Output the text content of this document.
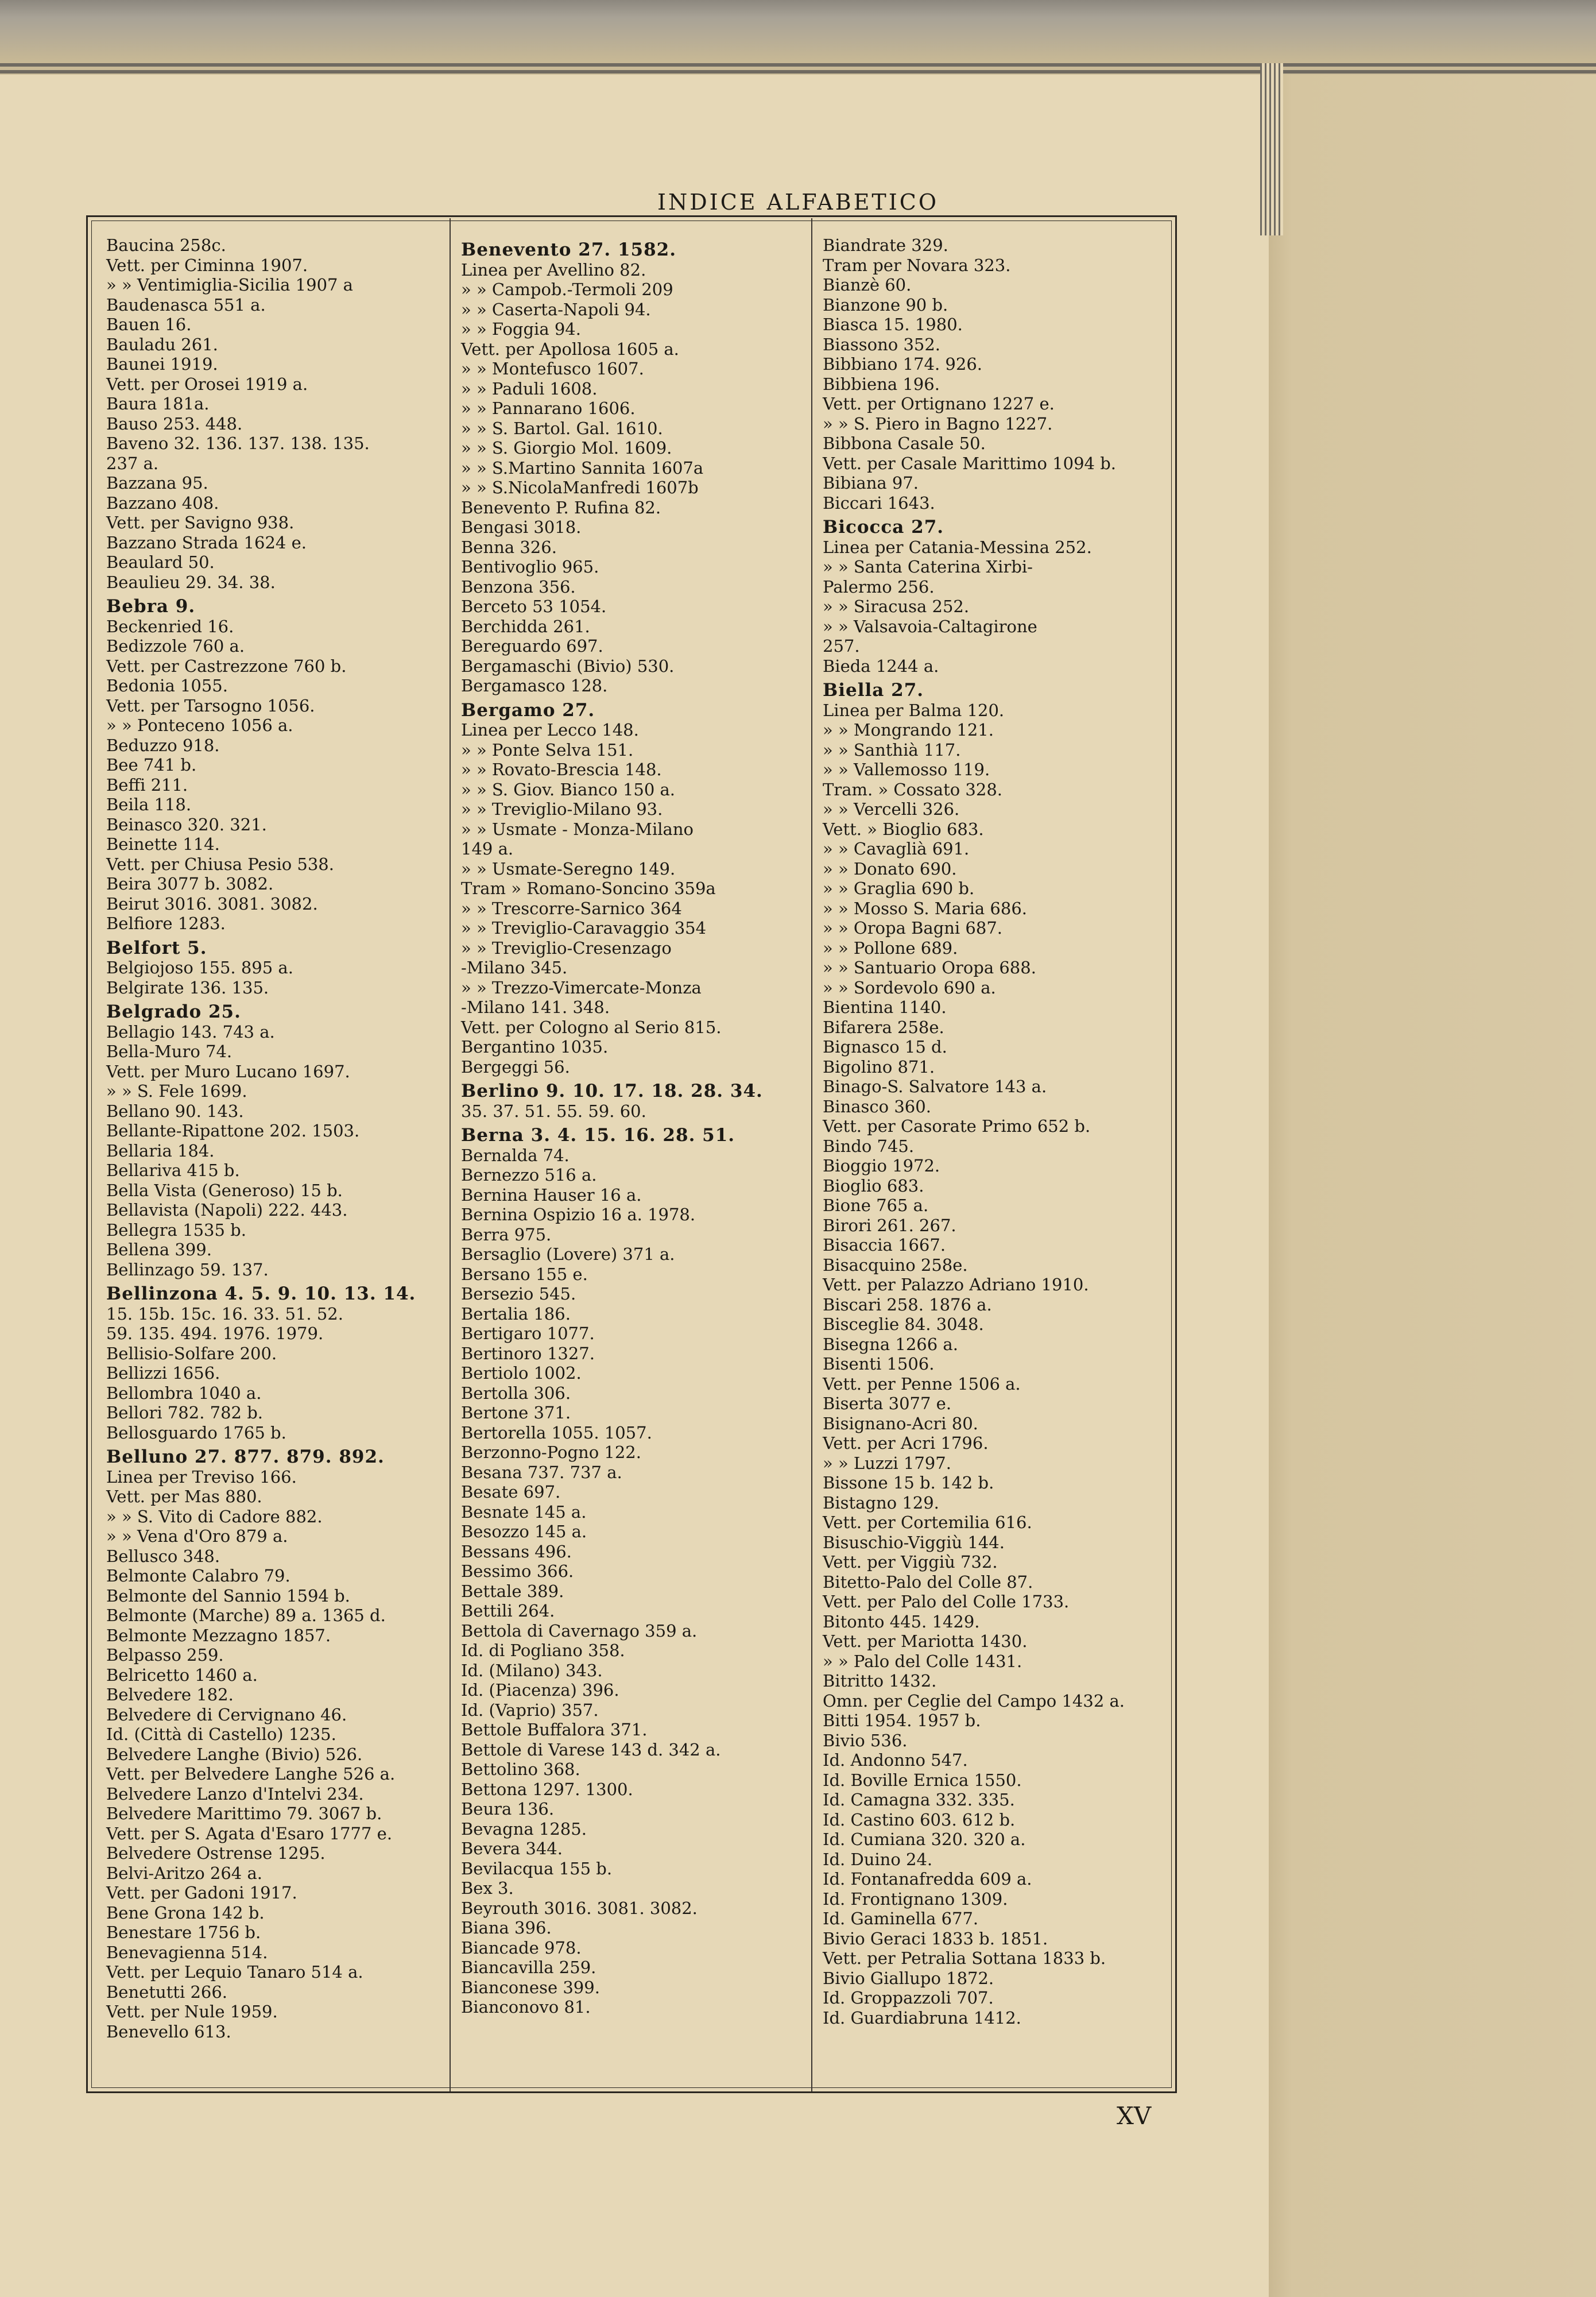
INDICE ALFABETICO
Baucina 258c.
Vett. per Ciminna 1907.
» » Ventimiglia-Sicilia 1907 a
Baudenasca 551 a.
Bauen 16.
Bauladu 261.
Baunei 1919.
Vett. per Orosei 1919 a.
Baura 181a.
Bauso 253. 448.
Baveno 32. 136. 137. 138. 135.
237 a.
Bazzana 95.
Bazzano 408.
Vett. per Savigno 938.
Bazzano Strada 1624 e.
Beaulard 50.
Beaulieu 29. 34. 38.
Bebra 9.
Beckenried 16.
Bedizzole 760 a.
Vett. per Castrezzone 760 b.
Bedonia 1055.
Vett. per Tarsogno 1056.
» » Ponteceno 1056 a.
Beduzzo 918.
Bee 741 b.
Beffi 211.
Beila 118.
Beinasco 320. 321.
Beinette 114.
Vett. per Chiusa Pesio 538.
Beira 3077 b. 3082.
Beirut 3016. 3081. 3082.
Belfiore 1283.
Belfort 5.
Belgiojoso 155. 895 a.
Belgirate 136. 135.
Belgrado 25.
Bellagio 143. 743 a.
Bella-Muro 74.
Vett. per Muro Lucano 1697.
» » S. Fele 1699.
Bellano 90. 143.
Bellante-Ripattone 202. 1503.
Bellaria 184.
Bellariva 415 b.
Bella Vista (Generoso) 15 b.
Bellavista (Napoli) 222. 443.
Bellegra 1535 b.
Bellena 399.
Bellinzago 59. 137.
Bellinzona 4. 5. 9. 10. 13. 14.
15. 15b. 15c. 16. 33. 51. 52.
59. 135. 494. 1976. 1979.
Bellisio-Solfare 200.
Bellizzi 1656.
Bellombra 1040 a.
Bellori 782. 782 b.
Bellosguardo 1765 b.
Belluno 27. 877. 879. 892.
Linea per Treviso 166.
Vett. per Mas 880.
» » S. Vito di Cadore 882.
» » Vena d'Oro 879 a.
Bellusco 348.
Belmonte Calabro 79.
Belmonte del Sannio 1594 b.
Belmonte (Marche) 89 a. 1365 d.
Belmonte Mezzagno 1857.
Belpasso 259.
Belricetto 1460 a.
Belvedere 182.
Belvedere di Cervignano 46.
Id. (Città di Castello) 1235.
Belvedere Langhe (Bivio) 526.
Vett. per Belvedere Langhe 526 a.
Belvedere Lanzo d'Intelvi 234.
Belvedere Marittimo 79. 3067 b.
Vett. per S. Agata d'Esaro 1777 e.
Belvedere Ostrense 1295.
Belvi-Aritzo 264 a.
Vett. per Gadoni 1917.
Bene Grona 142 b.
Benestare 1756 b.
Benevagienna 514.
Vett. per Lequio Tanaro 514 a.
Benetutti 266.
Vett. per Nule 1959.
Benevello 613.
Benevento 27. 1582.
Linea per Avellino 82.
» » Campob.-Termoli 209
» » Caserta-Napoli 94.
» » Foggia 94.
Vett. per Apollosa 1605 a.
» » Montefusco 1607.
» » Paduli 1608.
» » Pannarano 1606.
» » S. Bartol. Gal. 1610.
» » S. Giorgio Mol. 1609.
» » S.Martino Sannita 1607a
» » S.NicolaManfredi 1607b
Benevento P. Rufina 82.
Bengasi 3018.
Benna 326.
Bentivoglio 965.
Benzona 356.
Berceto 53 1054.
Berchidda 261.
Bereguardo 697.
Bergamaschi (Bivio) 530.
Bergamasco 128.
Bergamo 27.
Linea per Lecco 148.
» » Ponte Selva 151.
» » Rovato-Brescia 148.
» » S. Giov. Bianco 150 a.
» » Treviglio-Milano 93.
» » Usmate - Monza-Milano
149 a.
» » Usmate-Seregno 149.
Tram » Romano-Soncino 359a
» » Trescorre-Sarnico 364
» » Treviglio-Caravaggio 354
» » Treviglio-Cresenzago
-Milano 345.
» » Trezzo-Vimercate-Monza
-Milano 141. 348.
Vett. per Cologno al Serio 815.
Bergantino 1035.
Bergeggi 56.
Berlino 9. 10. 17. 18. 28. 34.
35. 37. 51. 55. 59. 60.
Berna 3. 4. 15. 16. 28. 51.
Bernalda 74.
Bernezzo 516 a.
Bernina Hauser 16 a.
Bernina Ospizio 16 a. 1978.
Berra 975.
Bersaglio (Lovere) 371 a.
Bersano 155 e.
Bersezio 545.
Bertalia 186.
Bertigaro 1077.
Bertinoro 1327.
Bertiolo 1002.
Bertolla 306.
Bertone 371.
Bertorella 1055. 1057.
Berzonno-Pogno 122.
Besana 737. 737 a.
Besate 697.
Besnate 145 a.
Besozzo 145 a.
Bessans 496.
Bessimo 366.
Bettale 389.
Bettili 264.
Bettola di Cavernago 359 a.
Id. di Pogliano 358.
Id. (Milano) 343.
Id. (Piacenza) 396.
Id. (Vaprio) 357.
Bettole Buffalora 371.
Bettole di Varese 143 d. 342 a.
Bettolino 368.
Bettona 1297. 1300.
Beura 136.
Bevagna 1285.
Bevera 344.
Bevilacqua 155 b.
Bex 3.
Beyrouth 3016. 3081. 3082.
Biana 396.
Biancade 978.
Biancavilla 259.
Bianconese 399.
Bianconovo 81.
Biandrate 329.
Tram per Novara 323.
Bianzè 60.
Bianzone 90 b.
Biasca 15. 1980.
Biassono 352.
Bibbiano 174. 926.
Bibbiena 196.
Vett. per Ortignano 1227 e.
» » S. Piero in Bagno 1227.
Bibbona Casale 50.
Vett. per Casale Marittimo 1094 b.
Bibiana 97.
Biccari 1643.
Bicocca 27.
Linea per Catania-Messina 252.
» » Santa Caterina Xirbi-
Palermo 256.
» » Siracusa 252.
» » Valsavoia-Caltagirone
257.
Bieda 1244 a.
Biella 27.
Linea per Balma 120.
» » Mongrando 121.
» » Santhià 117.
» » Vallemosso 119.
Tram. » Cossato 328.
» » Vercelli 326.
Vett. » Bioglio 683.
» » Cavaglià 691.
» » Donato 690.
» » Graglia 690 b.
» » Mosso S. Maria 686.
» » Oropa Bagni 687.
» » Pollone 689.
» » Santuario Oropa 688.
» » Sordevolo 690 a.
Bientina 1140.
Bifarera 258e.
Bignasco 15 d.
Bigolino 871.
Binago-S. Salvatore 143 a.
Binasco 360.
Vett. per Casorate Primo 652 b.
Bindo 745.
Bioggio 1972.
Bioglio 683.
Bione 765 a.
Birori 261. 267.
Bisaccia 1667.
Bisacquino 258e.
Vett. per Palazzo Adriano 1910.
Biscari 258. 1876 a.
Bisceglie 84. 3048.
Bisegna 1266 a.
Bisenti 1506.
Vett. per Penne 1506 a.
Biserta 3077 e.
Bisignano-Acri 80.
Vett. per Acri 1796.
» » Luzzi 1797.
Bissone 15 b. 142 b.
Bistagno 129.
Vett. per Cortemilia 616.
Bisuschio-Viggiù 144.
Vett. per Viggiù 732.
Bitetto-Palo del Colle 87.
Vett. per Palo del Colle 1733.
Bitonto 445. 1429.
Vett. per Mariotta 1430.
» » Palo del Colle 1431.
Bitritto 1432.
Omn. per Ceglie del Campo 1432 a.
Bitti 1954. 1957 b.
Bivio 536.
Id. Andonno 547.
Id. Boville Ernica 1550.
Id. Camagna 332. 335.
Id. Castino 603. 612 b.
Id. Cumiana 320. 320 a.
Id. Duino 24.
Id. Fontanafredda 609 a.
Id. Frontignano 1309.
Id. Gaminella 677.
Bivio Geraci 1833 b. 1851.
Vett. per Petralia Sottana 1833 b.
Bivio Giallupo 1872.
Id. Groppazzoli 707.
Id. Guardiabruna 1412.
XV
